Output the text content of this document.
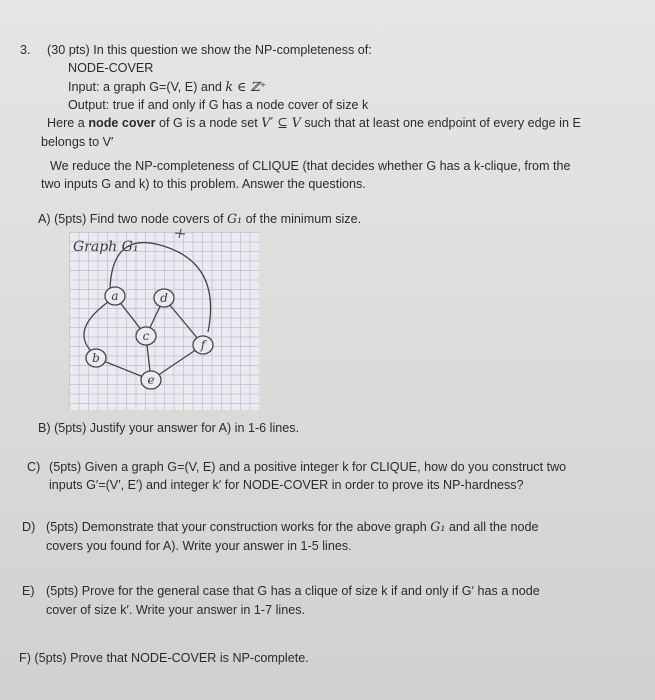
3. (30 pts) In this question we show the NP-completeness of:
NODE-COVER
Input: a graph G=(V, E) and k ∈ ℤ⁺
Output: true if and only if G has a node cover of size k
Here a node cover of G is a node set V′ ⊆ V such that at least one endpoint of every edge in E
belongs to V′
We reduce the NP-completeness of CLIQUE (that decides whether G has a k-clique, from the
two inputs G and k) to this problem. Answer the questions.
A) (5pts) Find two node covers of G₁ of the minimum size.
Graph G₁
a	d
c
f
b
e
B) (5pts) Justify your answer for A) in 1-6 lines.
C) (5pts) Given a graph G=(V, E) and a positive integer k for CLIQUE, how do you construct two
inputs G′=(V′, E′) and integer k′ for NODE-COVER in order to prove its NP-hardness?
D) (5pts) Demonstrate that your construction works for the above graph G₁ and all the node
covers you found for A). Write your answer in 1-5 lines.
E) (5pts) Prove for the general case that G has a clique of size k if and only if G′ has a node
cover of size k′. Write your answer in 1-7 lines.
F) (5pts) Prove that NODE-COVER is NP-complete.
